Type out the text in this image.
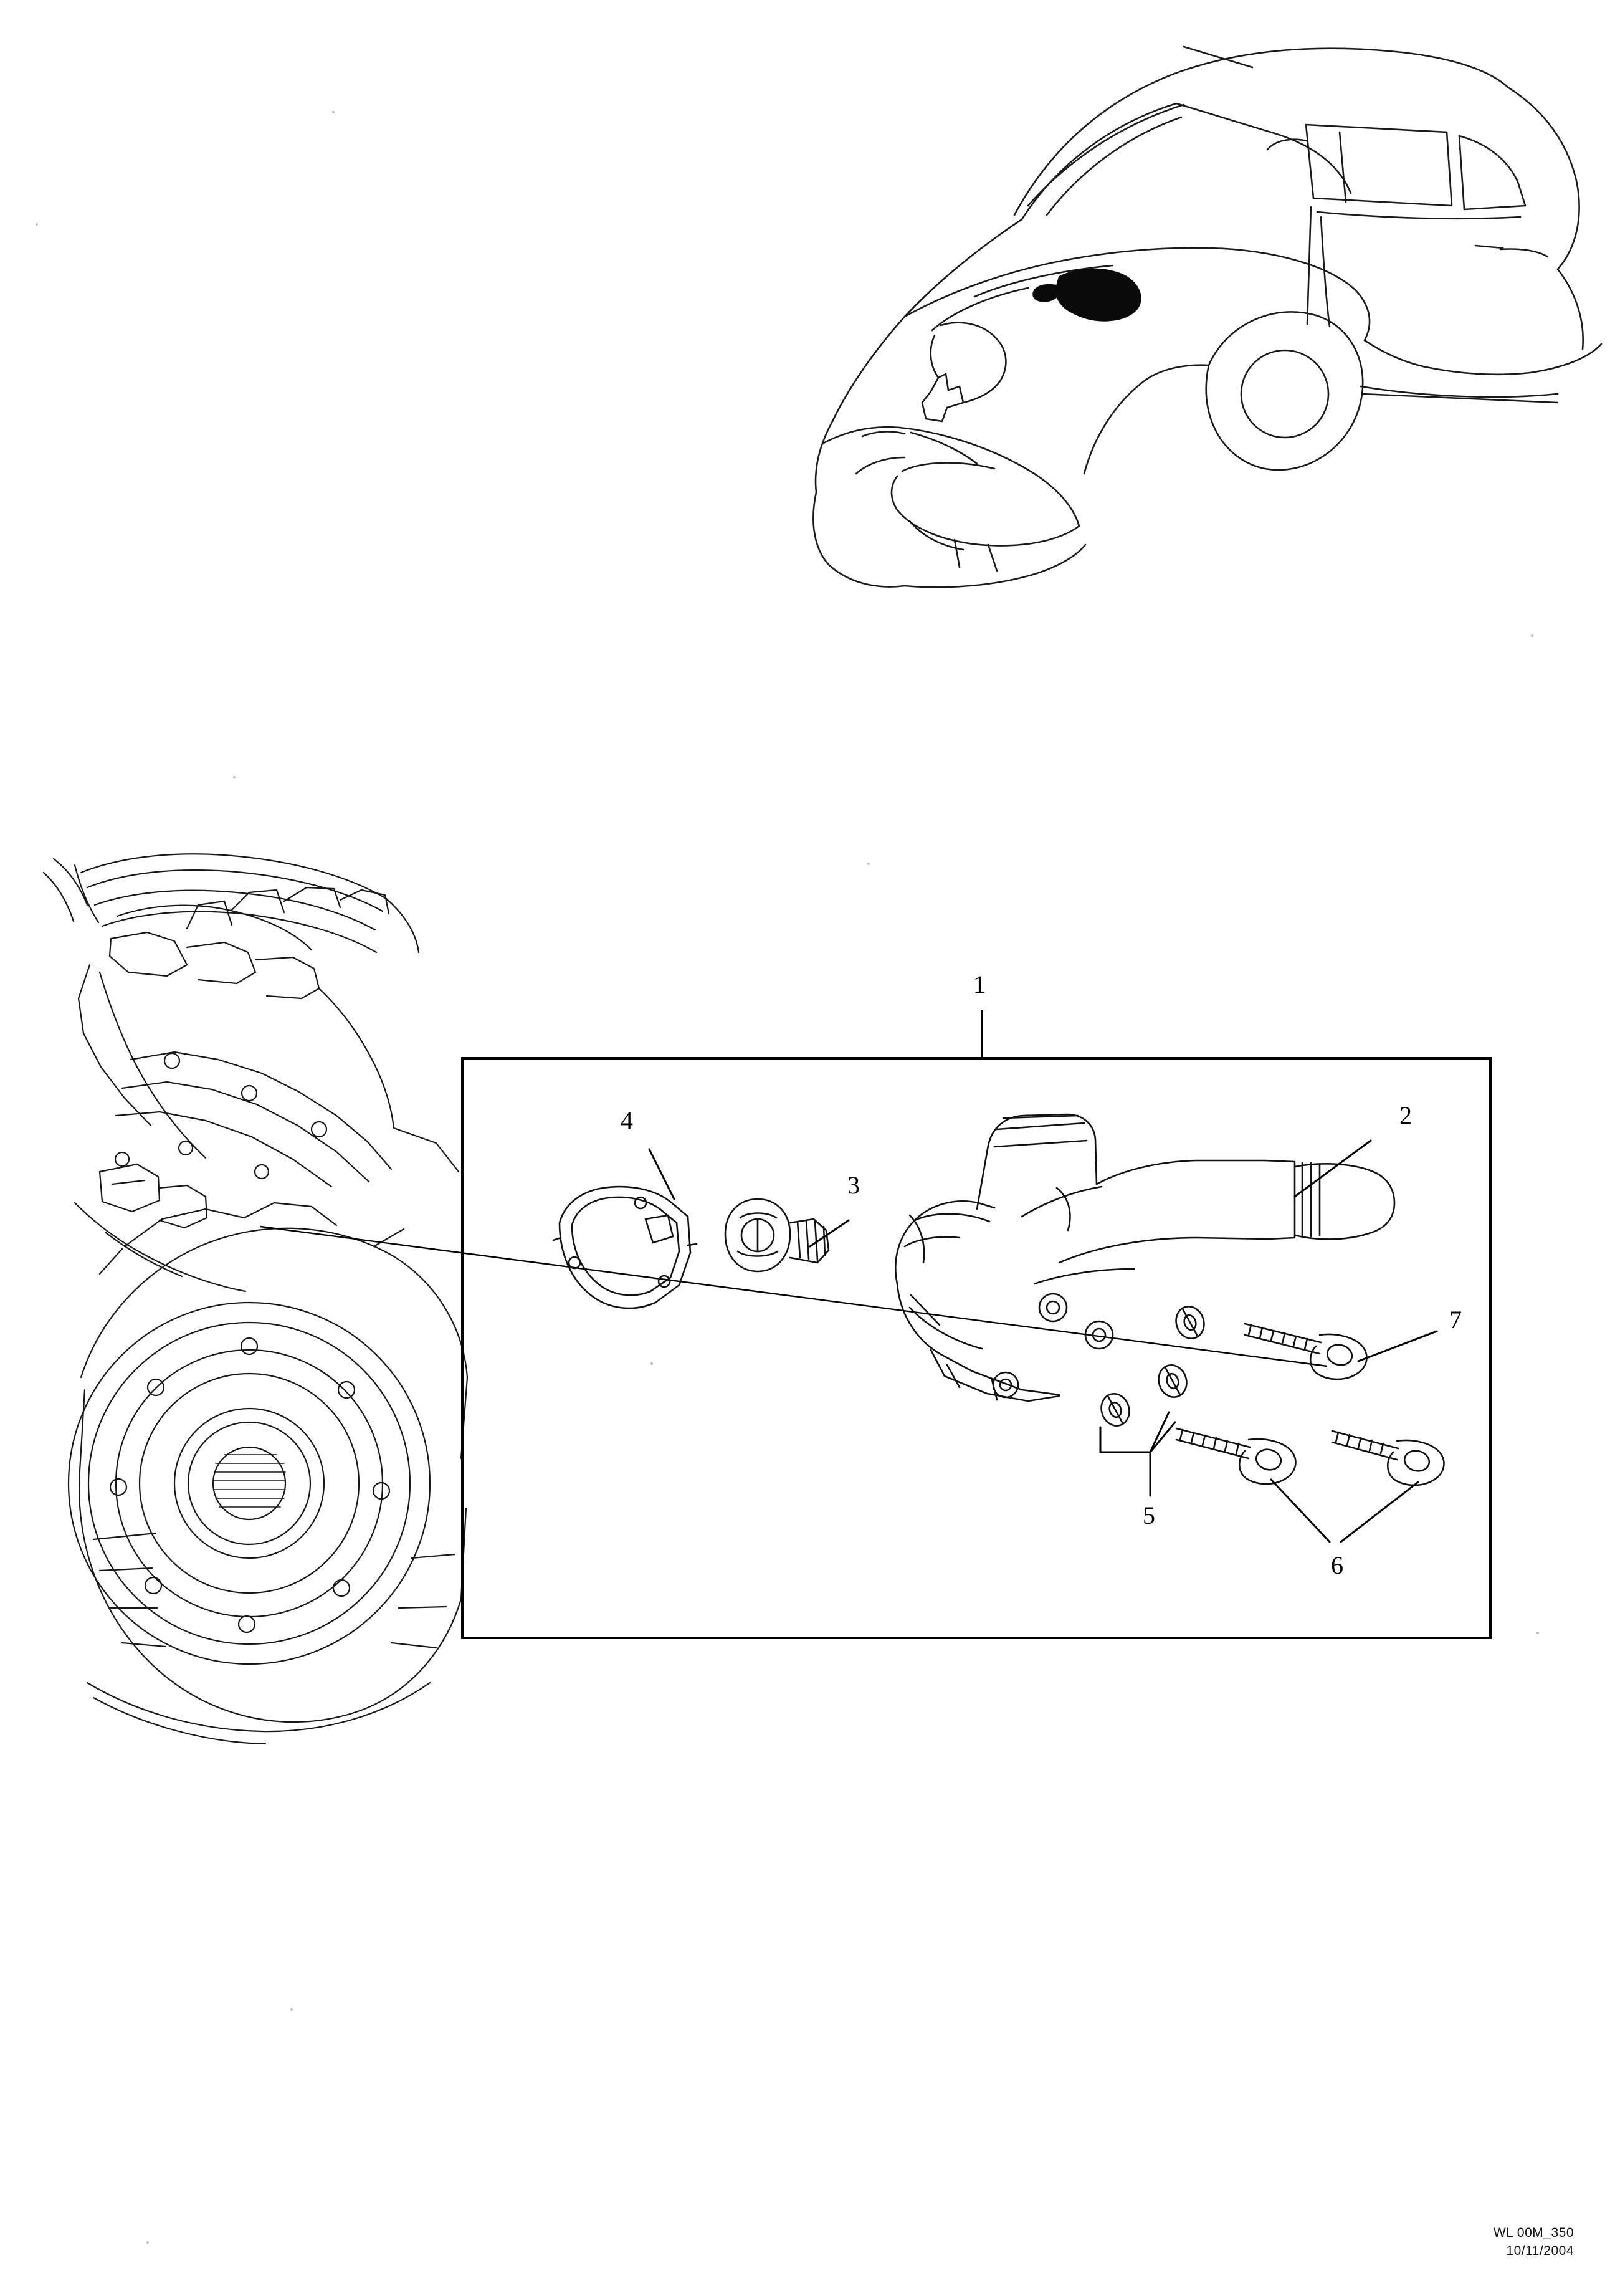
1
2
3
4
5
6
7
WL 00M_350
10/11/2004
